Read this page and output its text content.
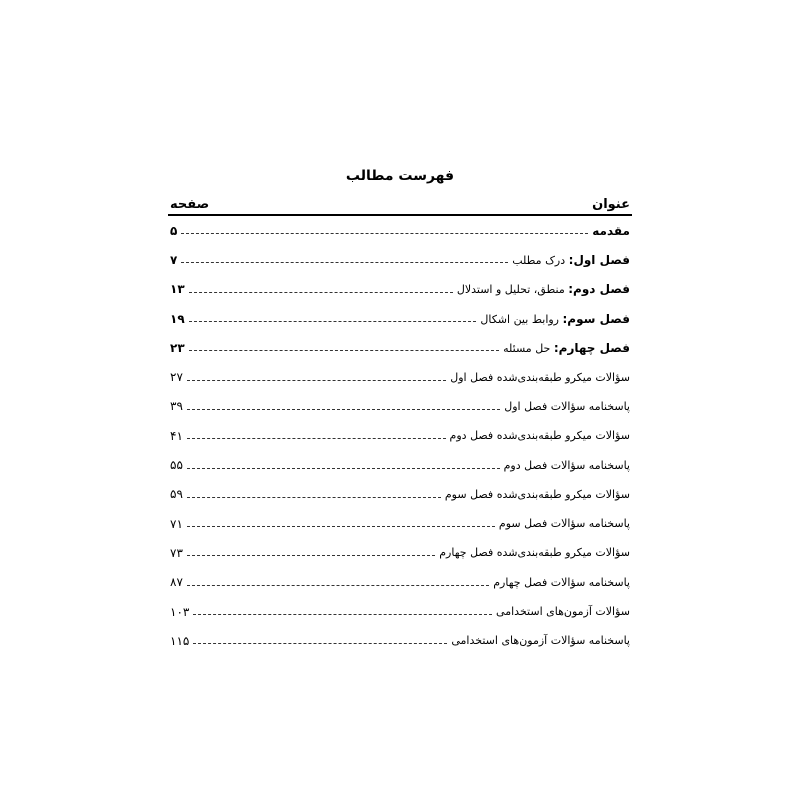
فهرست مطالب
عنوان
صفحه
مقدمه
۵
فصل اول: درک مطلب
۷
فصل دوم: منطق، تحلیل و استدلال
۱۳
فصل سوم: روابط بین اشکال
۱۹
فصل چهارم: حل مسئله
۲۳
سؤالات میکرو طبقه‌بندی‌شده فصل اول
۲۷
پاسخنامه سؤالات فصل اول
۳۹
سؤالات میکرو طبقه‌بندی‌شده فصل دوم
۴۱
پاسخنامه سؤالات فصل دوم
۵۵
سؤالات میکرو طبقه‌بندی‌شده فصل سوم
۵۹
پاسخنامه سؤالات فصل سوم
۷۱
سؤالات میکرو طبقه‌بندی‌شده فصل چهارم
۷۳
پاسخنامه سؤالات فصل چهارم
۸۷
سؤالات آزمون‌های استخدامی
۱۰۳
پاسخنامه سؤالات آزمون‌های استخدامی
۱۱۵
